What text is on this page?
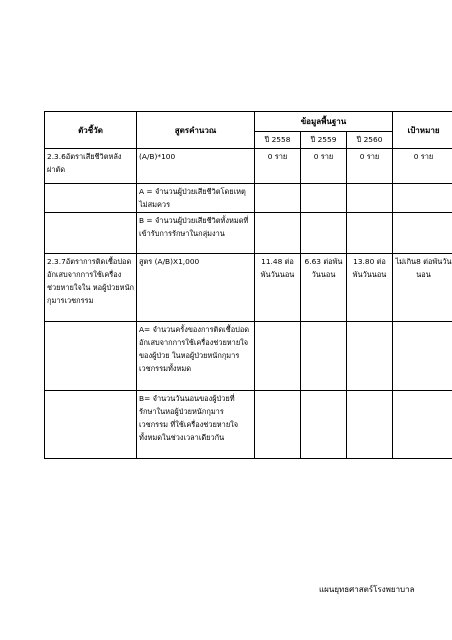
ตัวชี้วัด	สูตรคำนวณ	ข้อมูลพื้นฐาน			เป้าหมาย	
		ปี 2558	ปี 2559	ปี 2560		
2.3.6อัตราเสียชีวิตหลังผ่าตัด	(A/B)*100	0 ราย	0 ราย	0 ราย	0 ราย	
	A = จำนวนผู้ป่วยเสียชีวิตโดยเหตุไม่สมควร					
	B = จำนวนผู้ป่วยเสียชีวิตทั้งหมดที่เข้ารับการรักษาในกลุ่มงาน					
2.3.7อัตราการติดเชื้อปอดอักเสบจากการใช้เครื่องช่วยหายใจใน หอผู้ป่วยหนักกุมารเวชกรรม	สูตร (A/B)X1,000	11.48 ต่อพันวันนอน	6.63 ต่อพันวันนอน	13.80 ต่อพันวันนอน	ไม่เกิน8 ต่อพันวันนอน	
	A= จำนวนครั้งของการติดเชื้อปอดอักเสบจากการใช้เครื่องช่วยหายใจของผู้ป่วย ในหอผู้ป่วยหนักกุมารเวชกรรมทั้งหมด					
	B= จำนวนวันนอนของผู้ป่วยที่รักษาในหอผู้ป่วยหนักกุมารเวชกรรม ที่ใช้เครื่องช่วยหายใจทั้งหมดในช่วงเวลาเดียวกัน					
แผนยุทธศาสตร์โรงพยาบาล
